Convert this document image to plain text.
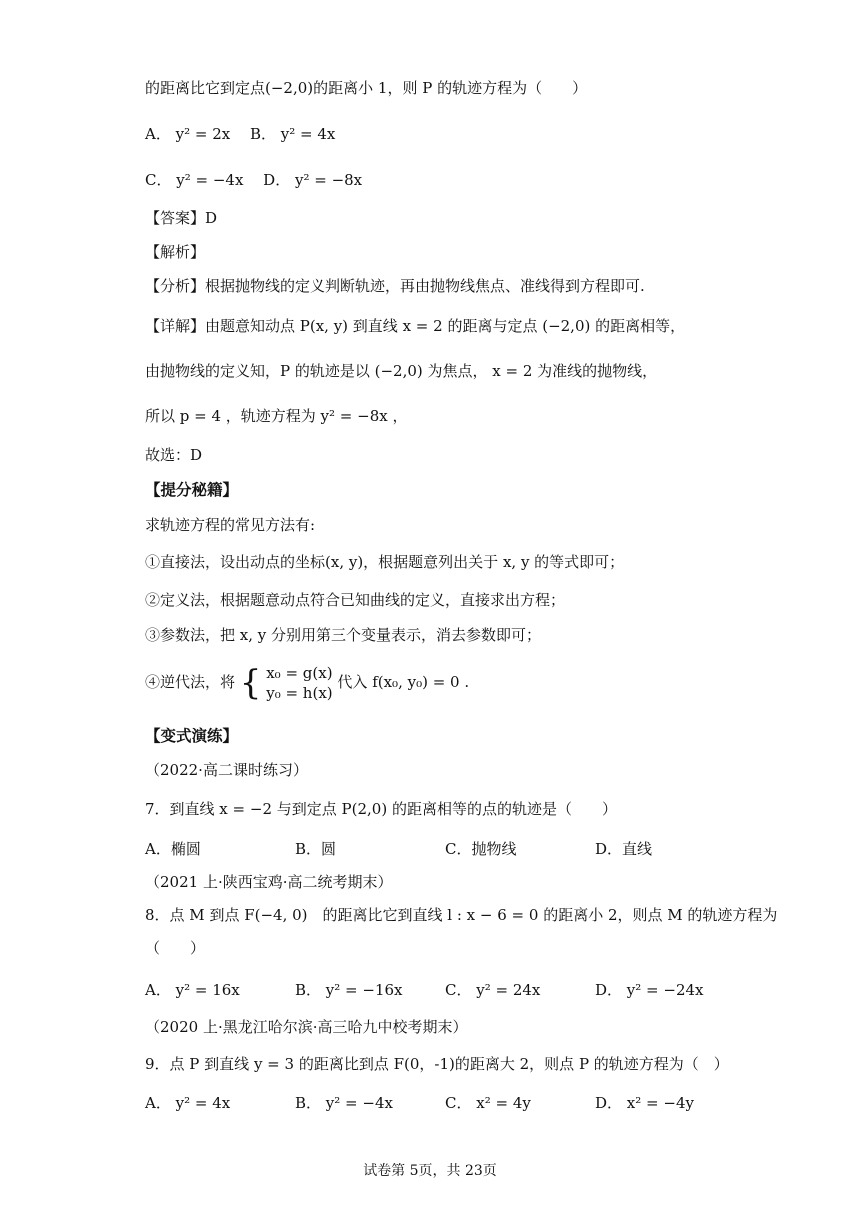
的距离比它到定点(−2,0)的距离小 1，则 P 的轨迹方程为（　　）
A． y² = 2x　 B． y² = 4x
C． y² = −4x　 D． y² = −8x
【答案】D
【解析】
【分析】根据抛物线的定义判断轨迹，再由抛物线焦点、准线得到方程即可.
【详解】由题意知动点 P(x, y) 到直线 x = 2 的距离与定点 (−2,0) 的距离相等，
由抛物线的定义知，P 的轨迹是以 (−2,0) 为焦点， x = 2 为准线的抛物线，
所以 p = 4 ，轨迹方程为 y² = −8x ，
故选：D
【提分秘籍】
求轨迹方程的常见方法有:
①直接法，设出动点的坐标(x, y)，根据题意列出关于 x, y 的等式即可；
②定义法，根据题意动点符合已知曲线的定义，直接求出方程；
③参数法，把 x, y 分别用第三个变量表示，消去参数即可；
④逆代法，将 { x₀ = g(x)
y₀ = h(x)
代入 f(x₀, y₀) = 0 .
【变式演练】
（2022·高二课时练习）
7．到直线 x = −2 与到定点 P(2,0) 的距离相等的点的轨迹是（　　）
A．椭圆	B．圆	C．抛物线	D．直线
（2021 上·陕西宝鸡·高二统考期末）
8．点 M 到点 F(−4, 0)　的距离比它到直线 l : x − 6 = 0 的距离小 2，则点 M 的轨迹方程为
（　　）
A． y² = 16x	B． y² = −16x	C． y² = 24x	D． y² = −24x
（2020 上·黑龙江哈尔滨·高三哈九中校考期末）
9．点 P 到直线 y = 3 的距离比到点 F(0，-1)的距离大 2，则点 P 的轨迹方程为（　）
A． y² = 4x	B． y² = −4x	C． x² = 4y	D． x² = −4y
试卷第 5页，共 23页
